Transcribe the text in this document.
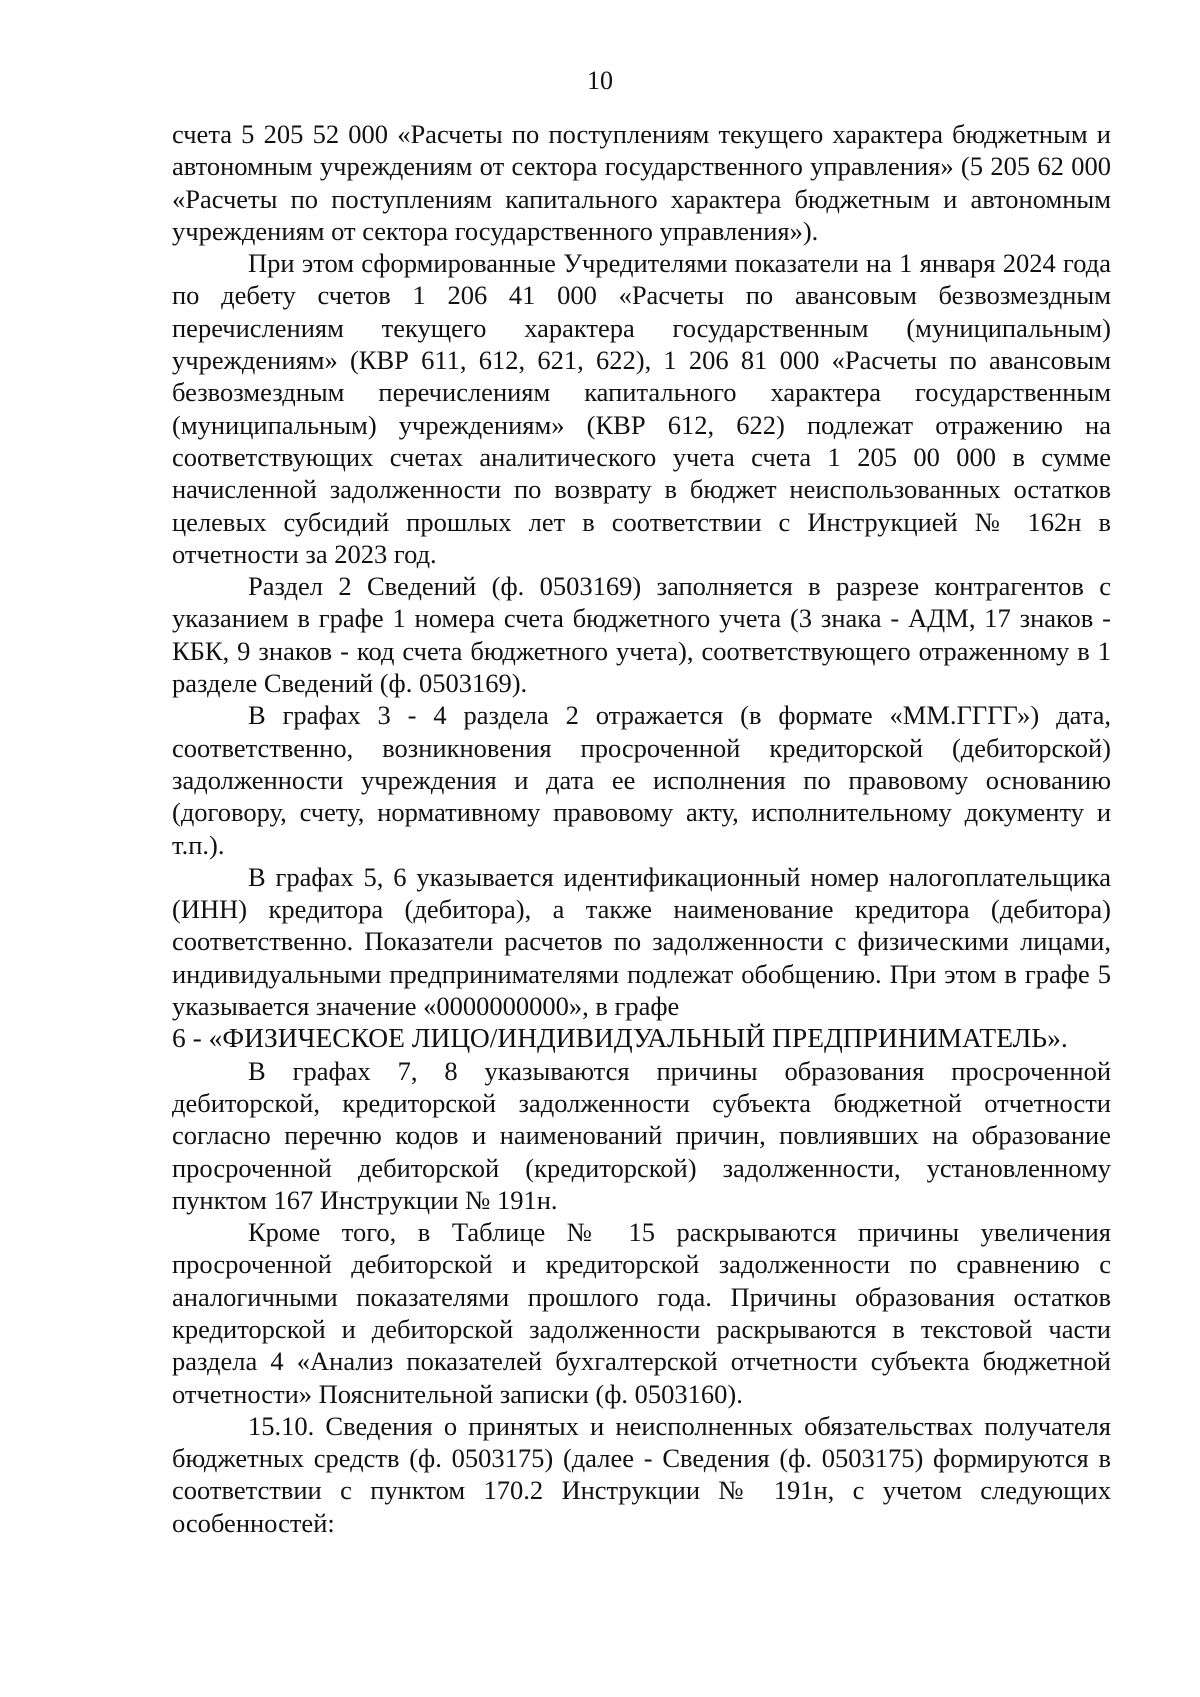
10

счета 5 205 52 000 «Расчеты по поступлениям текущего характера бюджетным и автономным учреждениям от сектора государственного управления» (5 205 62 000 «Расчеты по поступлениям капитального характера бюджетным и автономным учреждениям от сектора государственного управления»).

При этом сформированные Учредителями показатели на 1 января 2024 года по дебету счетов 1 206 41 000 «Расчеты по авансовым безвозмездным перечислениям текущего характера государственным (муниципальным) учреждениям» (КВР 611, 612, 621, 622), 1 206 81 000 «Расчеты по авансовым безвозмездным перечислениям капитального характера государственным (муниципальным) учреждениям» (КВР 612, 622) подлежат отражению на соответствующих счетах аналитического учета счета 1 205 00 000 в сумме начисленной задолженности по возврату в бюджет неиспользованных остатков целевых субсидий прошлых лет в соответствии с Инструкцией № 162н в отчетности за 2023 год.

Раздел 2 Сведений (ф. 0503169) заполняется в разрезе контрагентов с указанием в графе 1 номера счета бюджетного учета (3 знака - АДМ, 17 знаков - КБК, 9 знаков - код счета бюджетного учета), соответствующего отраженному в 1 разделе Сведений (ф. 0503169).

В графах 3 - 4 раздела 2 отражается (в формате «ММ.ГГГГ») дата, соответственно, возникновения просроченной кредиторской (дебиторской) задолженности учреждения и дата ее исполнения по правовому основанию (договору, счету, нормативному правовому акту, исполнительному документу и т.п.).

В графах 5, 6 указывается идентификационный номер налогоплательщика (ИНН) кредитора (дебитора), а также наименование кредитора (дебитора) соответственно. Показатели расчетов по задолженности с физическими лицами, индивидуальными предпринимателями подлежат обобщению. При этом в графе 5 указывается значение «0000000000», в графе

6 - «ФИЗИЧЕСКОЕ ЛИЦО/ИНДИВИДУАЛЬНЫЙ ПРЕДПРИНИМАТЕЛЬ».

В графах 7, 8 указываются причины образования просроченной дебиторской, кредиторской задолженности субъекта бюджетной отчетности согласно перечню кодов и наименований причин, повлиявших на образование просроченной дебиторской (кредиторской) задолженности, установленному пунктом 167 Инструкции № 191н.

Кроме того, в Таблице № 15 раскрываются причины увеличения просроченной дебиторской и кредиторской задолженности по сравнению с аналогичными показателями прошлого года. Причины образования остатков кредиторской и дебиторской задолженности раскрываются в текстовой части раздела 4 «Анализ показателей бухгалтерской отчетности субъекта бюджетной отчетности» Пояснительной записки (ф. 0503160).

15.10. Сведения о принятых и неисполненных обязательствах получателя бюджетных средств (ф. 0503175) (далее - Сведения (ф. 0503175) формируются в соответствии с пунктом 170.2 Инструкции № 191н, с учетом следующих особенностей:
